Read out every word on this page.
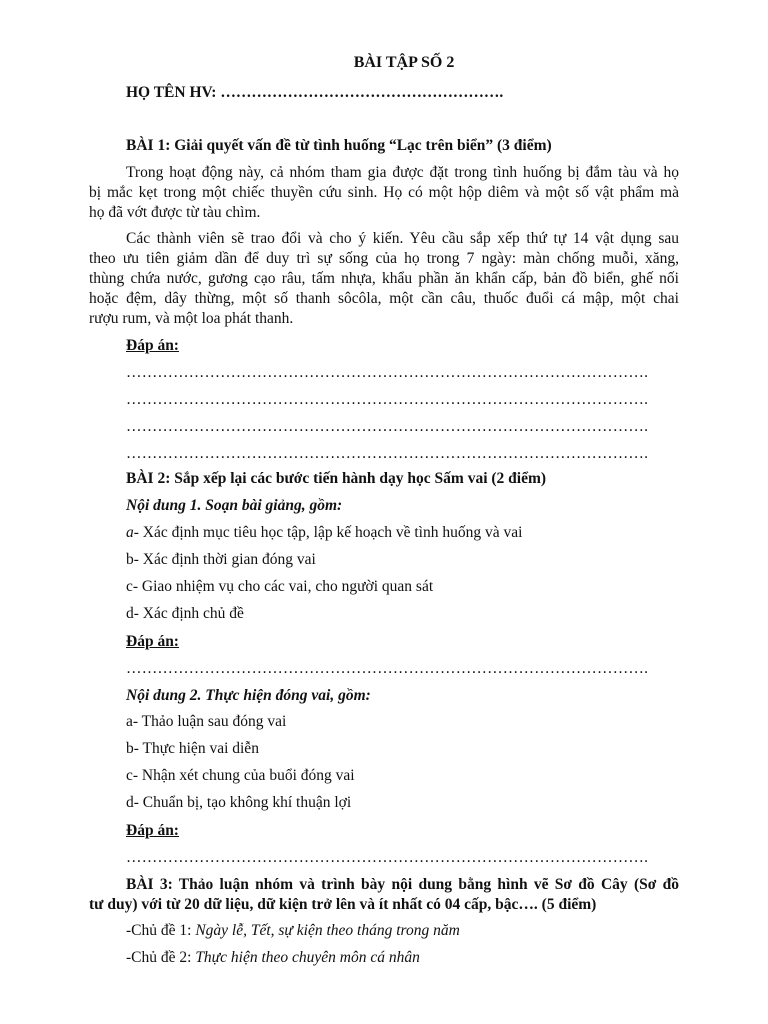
BÀI TẬP SỐ 2
HỌ TÊN HV: ……………………………………………….
BÀI 1: Giải quyết vấn đề từ tình huống “Lạc trên biển” (3 điểm)
Trong hoạt động này, cả nhóm tham gia được đặt trong tình huống bị đắm tàu và họ
bị mắc kẹt trong một chiếc thuyền cứu sinh. Họ có một hộp diêm và một số vật phẩm mà
họ đã vớt được từ tàu chìm.
Các thành viên sẽ trao đổi và cho ý kiến. Yêu cầu sắp xếp thứ tự 14 vật dụng sau
theo ưu tiên giảm dần để duy trì sự sống của họ trong 7 ngày: màn chống muỗi, xăng,
thùng chứa nước, gương cạo râu, tấm nhựa, khẩu phần ăn khẩn cấp, bản đồ biển, ghế nối
hoặc đệm, dây thừng, một số thanh sôcôla, một cần câu, thuốc đuổi cá mập, một chai
rượu rum, và một loa phát thanh.
Đáp án:
……………………………………………………………………………………….
……………………………………………………………………………………….
……………………………………………………………………………………….
……………………………………………………………………………………….
BÀI 2: Sắp xếp lại các bước tiến hành dạy học Sấm vai (2 điểm)
Nội dung 1. Soạn bài giảng, gồm:
a- Xác định mục tiêu học tập, lập kế hoạch về tình huống và vai
b- Xác định thời gian đóng vai
c- Giao nhiệm vụ cho các vai, cho người quan sát
d- Xác định chủ đề
Đáp án:
……………………………………………………………………………………….
Nội dung 2. Thực hiện đóng vai, gồm:
a- Thảo luận sau đóng vai
b- Thực hiện vai diễn
c- Nhận xét chung của buổi đóng vai
d- Chuẩn bị, tạo không khí thuận lợi
Đáp án:
……………………………………………………………………………………….
BÀI 3: Thảo luận nhóm và trình bày nội dung bằng hình vẽ Sơ đồ Cây (Sơ đồ
tư duy) với từ 20 dữ liệu, dữ kiện trở lên và ít nhất có 04 cấp, bậc…. (5 điểm)
-Chủ đề 1: Ngày lễ, Tết, sự kiện theo tháng trong năm
-Chủ đề 2: Thực hiện theo chuyên môn cá nhân
